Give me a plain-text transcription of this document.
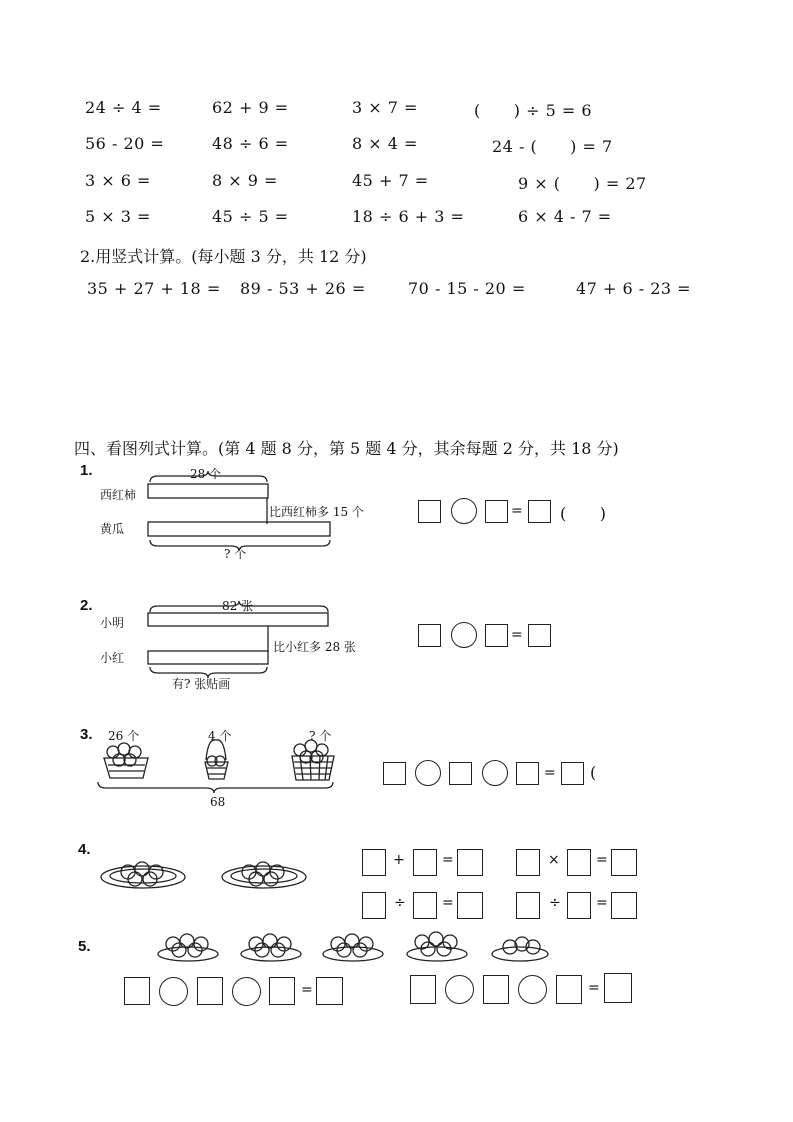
24 ÷ 4 =	62 + 9 =	3 × 7 =	(　　) ÷ 5 = 6
56 - 20 =	48 ÷ 6 =	8 × 4 =	24 - (　　) = 7
3 × 6 =	8 × 9 =	45 + 7 =	9 × (　　) = 27
5 × 3 =	45 ÷ 5 =	18 ÷ 6 + 3 =	6 × 4 - 7 =
2.用竖式计算。(每小题 3 分，共 12 分)
35 + 27 + 18 = 89 - 53 + 26 =	70 - 15 - 20 =	47 + 6 - 23 =
四、看图列式计算。(第 4 题 8 分，第 5 题 4 分，其余每题 2 分，共 18 分)
1.	28 个
西红柿
黄瓜
比西红柿多 15 个
? 个
= (　　)
2.	82 张
小明
小红
比小红多 28 张
有? 张贴画
=
3. 26 个	4 个	? 个
68
= (
4.
+	=	×	=
÷	=	÷	=
5.
=	=
